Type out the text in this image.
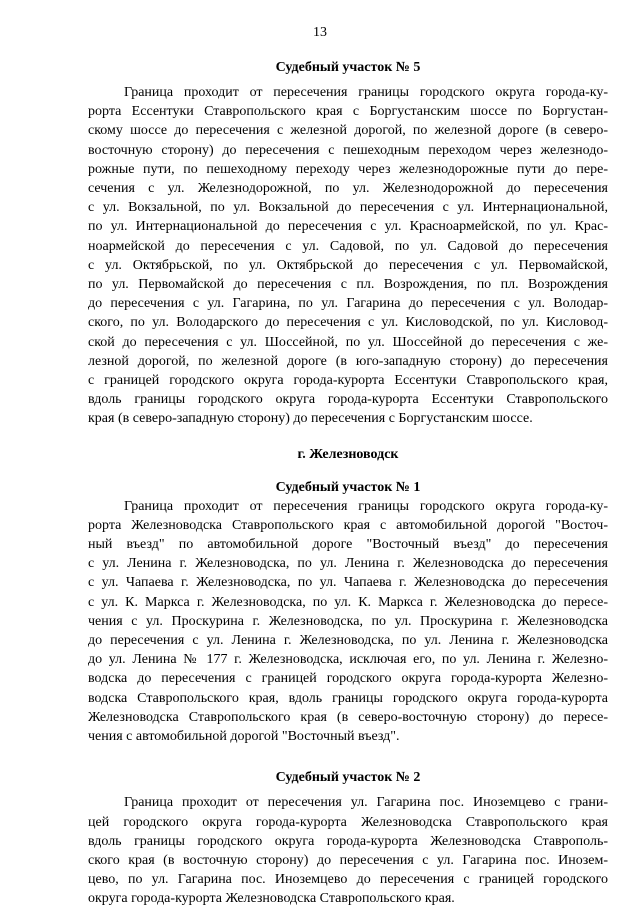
13
Судебный участок № 5
Граница проходит от пересечения границы городского округа города-ку-
рорта Ессентуки Ставропольского края с Боргустанским шоссе по Боргустан-
скому шоссе до пересечения с железной дорогой, по железной дороге (в северо-
восточную сторону) до пересечения с пешеходным переходом через железнодо-
рожные пути, по пешеходному переходу через железнодорожные пути до пере-
сечения с ул. Железнодорожной, по ул. Железнодорожной до пересечения
с ул. Вокзальной, по ул. Вокзальной до пересечения с ул. Интернациональной,
по ул. Интернациональной до пересечения с ул. Красноармейской, по ул. Крас-
ноармейской до пересечения с ул. Садовой, по ул. Садовой до пересечения
с ул. Октябрьской, по ул. Октябрьской до пересечения с ул. Первомайской,
по ул. Первомайской до пересечения с пл. Возрождения, по пл. Возрождения
до пересечения с ул. Гагарина, по ул. Гагарина до пересечения с ул. Володар-
ского, по ул. Володарского до пересечения с ул. Кисловодской, по ул. Кисловод-
ской до пересечения с ул. Шоссейной, по ул. Шоссейной до пересечения с же-
лезной дорогой, по железной дороге (в юго-западную сторону) до пересечения
с границей городского округа города-курорта Ессентуки Ставропольского края,
вдоль границы городского округа города-курорта Ессентуки Ставропольского
края (в северо-западную сторону) до пересечения с Боргустанским шоссе.
г. Железноводск
Судебный участок № 1
Граница проходит от пересечения границы городского округа города-ку-
рорта Железноводска Ставропольского края с автомобильной дорогой "Восточ-
ный въезд" по автомобильной дороге "Восточный въезд" до пересечения
с ул. Ленина г. Железноводска, по ул. Ленина г. Железноводска до пересечения
с ул. Чапаева г. Железноводска, по ул. Чапаева г. Железноводска до пересечения
с ул. К. Маркса г. Железноводска, по ул. К. Маркса г. Железноводска до пересе-
чения с ул. Проскурина г. Железноводска, по ул. Проскурина г. Железноводска
до пересечения с ул. Ленина г. Железноводска, по ул. Ленина г. Железноводска
до ул. Ленина № 177 г. Железноводска, исключая его, по ул. Ленина г. Железно-
водска до пересечения с границей городского округа города-курорта Железно-
водска Ставропольского края, вдоль границы городского округа города-курорта
Железноводска Ставропольского края (в северо-восточную сторону) до пересе-
чения с автомобильной дорогой "Восточный въезд".
Судебный участок № 2
Граница проходит от пересечения ул. Гагарина пос. Иноземцево с грани-
цей городского округа города-курорта Железноводска Ставропольского края
вдоль границы городского округа города-курорта Железноводска Ставрополь-
ского края (в восточную сторону) до пересечения с ул. Гагарина пос. Инозем-
цево, по ул. Гагарина пос. Иноземцево до пересечения с границей городского
округа города-курорта Железноводска Ставропольского края.
